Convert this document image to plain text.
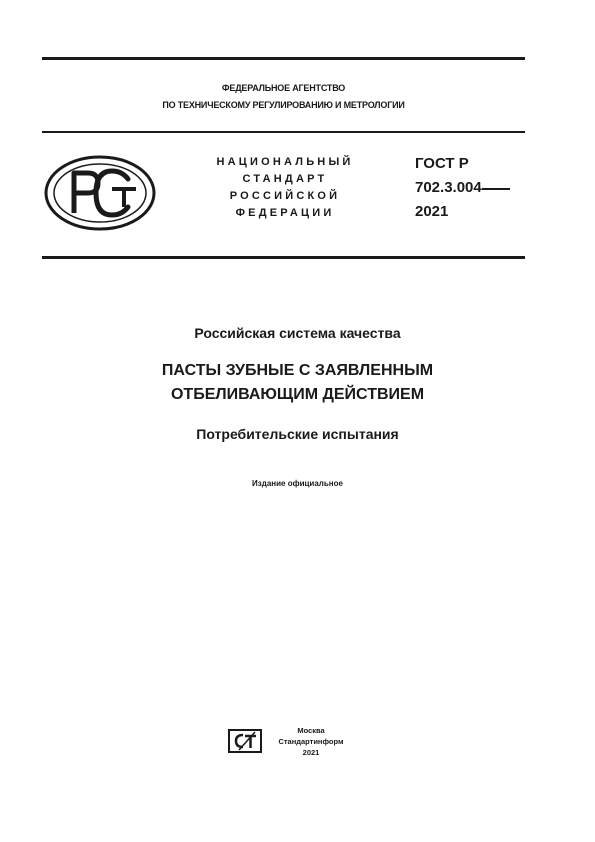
ФЕДЕРАЛЬНОЕ АГЕНТСТВО
ПО ТЕХНИЧЕСКОМУ РЕГУЛИРОВАНИЮ И МЕТРОЛОГИИ
НАЦИОНАЛЬНЫЙ
СТАНДАРТ
РОССИЙСКОЙ
ФЕДЕРАЦИИ
ГОСТ Р
702.3.004
2021
Российская система качества
ПАСТЫ ЗУБНЫЕ С ЗАЯВЛЕННЫМ
ОТБЕЛИВАЮЩИМ ДЕЙСТВИЕМ
Потребительские испытания
Издание официальное
Москва
Стандартинформ
2021
